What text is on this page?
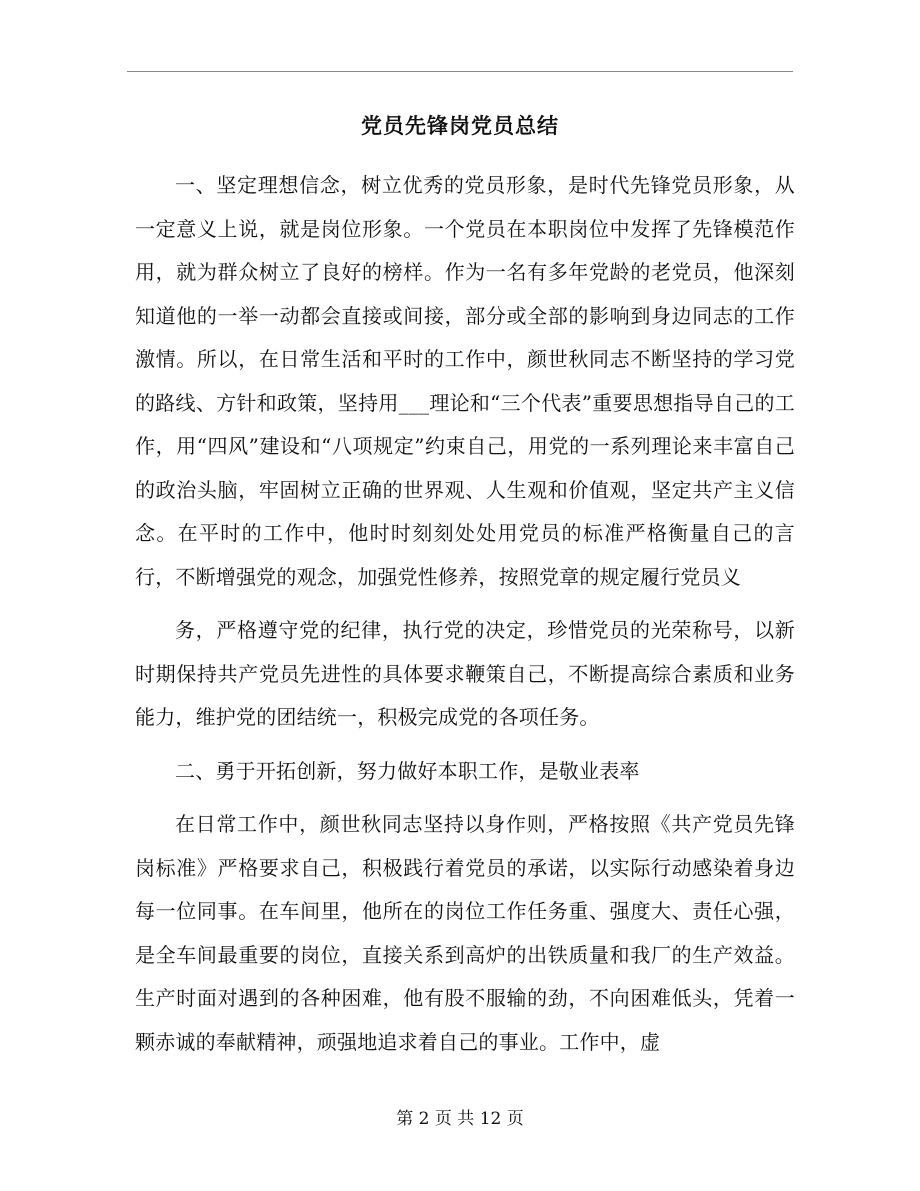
党员先锋岗党员总结

一、坚定理想信念，树立优秀的党员形象，是时代先锋党员形象，从一定意义上说，就是岗位形象。一个党员在本职岗位中发挥了先锋模范作用，就为群众树立了良好的榜样。作为一名有多年党龄的老党员，他深刻知道他的一举一动都会直接或间接，部分或全部的影响到身边同志的工作激情。所以，在日常生活和平时的工作中，颜世秋同志不断坚持的学习党的路线、方针和政策，坚持用___理论和“三个代表”重要思想指导自己的工作，用“四风”建设和“八项规定”约束自己，用党的一系列理论来丰富自己的政治头脑，牢固树立正确的世界观、人生观和价值观，坚定共产主义信念。在平时的工作中，他时时刻刻处处用党员的标准严格衡量自己的言行，不断增强党的观念，加强党性修养，按照党章的规定履行党员义

务，严格遵守党的纪律，执行党的决定，珍惜党员的光荣称号，以新时期保持共产党员先进性的具体要求鞭策自己，不断提高综合素质和业务能力，维护党的团结统一，积极完成党的各项任务。

二、勇于开拓创新，努力做好本职工作，是敬业表率

在日常工作中，颜世秋同志坚持以身作则，严格按照《共产党员先锋岗标准》严格要求自己，积极践行着党员的承诺，以实际行动感染着身边每一位同事。在车间里，他所在的岗位工作任务重、强度大、责任心强，是全车间最重要的岗位，直接关系到高炉的出铁质量和我厂的生产效益。生产时面对遇到的各种困难，他有股不服输的劲，不向困难低头，凭着一颗赤诚的奉献精神，顽强地追求着自己的事业。工作中，虚

第 2 页 共 12 页
